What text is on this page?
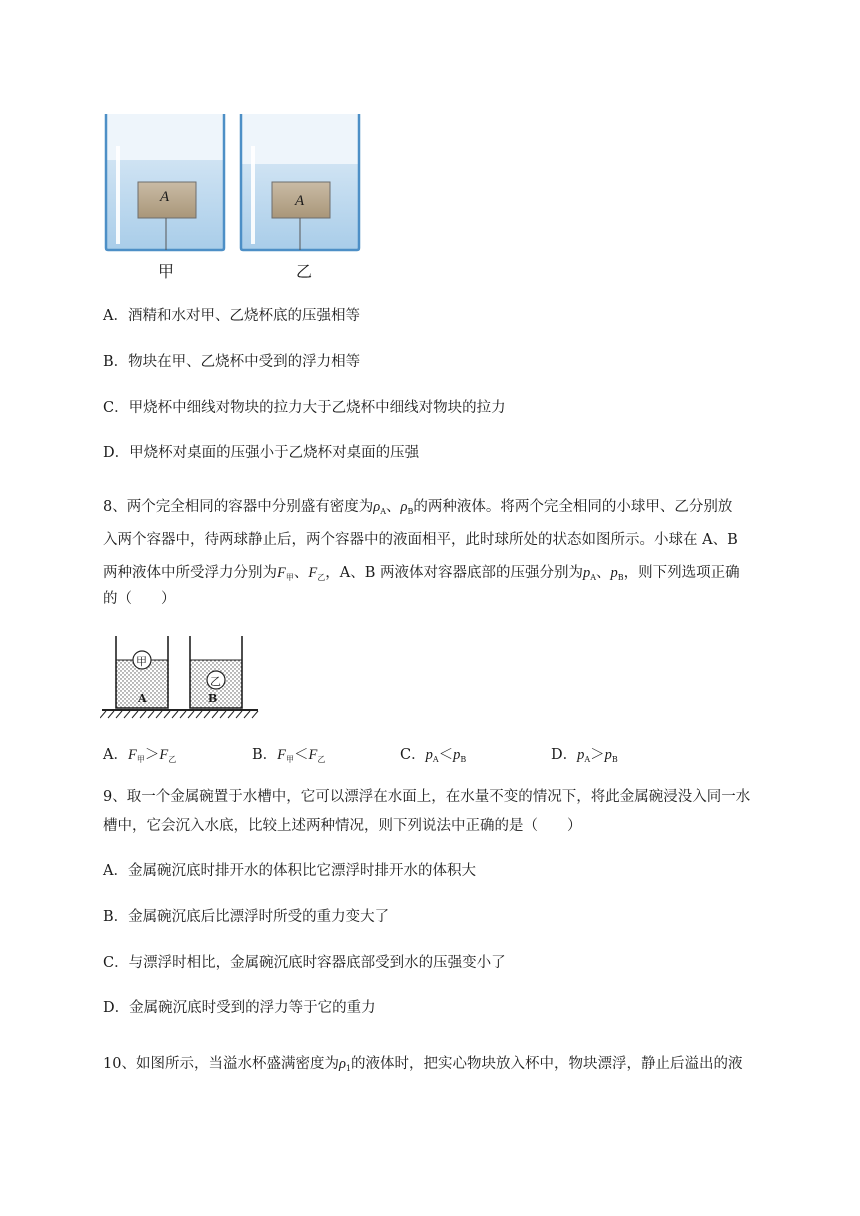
A	A
甲	乙
A．酒精和水对甲、乙烧杯底的压强相等
B．物块在甲、乙烧杯中受到的浮力相等
C．甲烧杯中细线对物块的拉力大于乙烧杯中细线对物块的拉力
D．甲烧杯对桌面的压强小于乙烧杯对桌面的压强
8、两个完全相同的容器中分别盛有密度为$\rho_A$、$\rho_B$的两种液体。将两个完全相同的小球甲、乙分别放
入两个容器中，待两球静止后，两个容器中的液面相平，此时球所处的状态如图所示。小球在 A、B
两种液体中所受浮力分别为$F_甲$、$F_乙$，A、B 两液体对容器底部的压强分别为$p_A$、$p_B$，则下列选项正确
的（　　）
甲
乙
A	B
A．$F_甲>F_乙$	B．$F_甲<F_乙$	C．$p_A<p_B$	D．$p_A>p_B$
9、取一个金属碗置于水槽中，它可以漂浮在水面上，在水量不变的情况下，将此金属碗浸没入同一水
槽中，它会沉入水底，比较上述两种情况，则下列说法中正确的是（　　）
A．金属碗沉底时排开水的体积比它漂浮时排开水的体积大
B．金属碗沉底后比漂浮时所受的重力变大了
C．与漂浮时相比，金属碗沉底时容器底部受到水的压强变小了
D．金属碗沉底时受到的浮力等于它的重力
10、如图所示，当溢水杯盛满密度为$\rho_1$的液体时，把实心物块放入杯中，物块漂浮，静止后溢出的液
